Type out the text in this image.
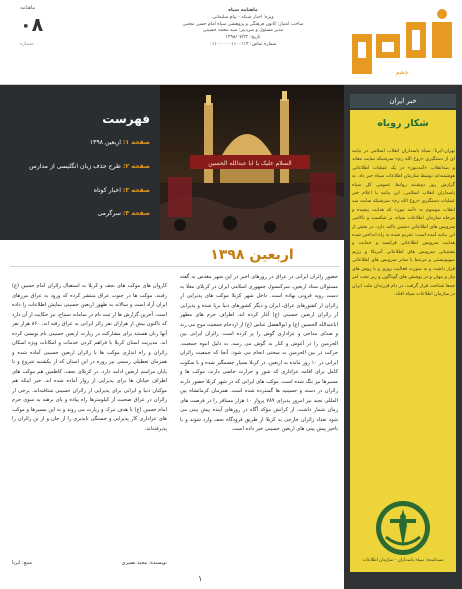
چشم
ماهنامه سپاه
ویژه: اخبار شبکه - پیام سلیمانی
صاحب امتیاز: کانون فرهنگی و پژوهشی سپاه امام حسن مجتبی
مدیر مسئول و سردبیر: سید محمد حسینی
تاریخ: ۱۳۹۸/۰۷/۲۲
شماره تماس: ۰۰۱۱۰۰۱۱۳ - ۰۱۱۰۰
ماهنامه
۰۸
شماره
خبر ایران
شکار رویاه
تهران-ایرنا: سپاه پاسداران انقلاب اسلامی در بیانیه ای از دستگیری «روح الله زم» سرشبکه سایت معاند و ضدانقلاب «آمدنیوز» در یک عملیات اطلاعاتی هوشمندانه توسط سازمان اطلاعات سپاه خبر داد. به گزارش روز دوشنبه روابط عمومی کل سپاه پاسداران انقلاب اسلامی، این بیانیه با اعلام خبر عملیات دستگیری «روح الله زم» سرشبکه سایت ضد انقلاب موسوم به «آمد نیوز» که هدایت پیچیده و مرحله سازمان اطلاعات سپاه، بر شکست و ناکامی سرویس های اطلاعاتی دشمن تاکید دارد. در بخش از این بیانیه آمده است: تحریم شده به راه انداختن شده هدایت سرویس اطلاعاتی فرانسه و حمایت و پشتیبانی سرویس های اطلاعاتی آمریکا و رژیم صهیونیستی و مرتبط با سایر سرویس های اطلاعاتی قرار داشت و به صورت فعالیت روزی و با روش های بیار و پنهان و در پوشش های گوناگون و زیر تحت امر جمعا شناخت قرار گرفت، در دام فرزندان ملت ایران در سازمان اطلاعات سپاه افتاد.
تمیه‌کننده: سپاه پاسداران - سازمان اطلاعات
السلام علیک یا ابا عبدالله الحسین
فهرست
صفحه ۱: اربعین ۱۳۹۸
صفحه ۲: طرح حذف زبان انگلیسی از مدارس
صفحه ۳: اخبار کوتاه
صفحه ۴: سرگرمی
اربعین ۱۳۹۸
حضور زائران ایرانی در عراق در روزهای اخیر در این شهر مقدس به گفته مسئولان ستاد اربعین، سرکنسول جمهوری اسلامی ایران در کربلای معلا به دست رویه فزونی نهاده است. داخل شهر کربلا موکب های پذیرایی از زائران از کشورهای عراق، ایران و دیگر کشورهای دنیا برپا شده و پذیرایی از زائران اربعین حسینی (ع) آغاز کرده اند. اطراف حرم های مطهر اباعبدالله الحسین (ع) و ابوالفضل عباس (ع) از ازدحام جمعیت موج می زند و صدای مداحی و عزاداری گوش را پر کرده است. زائران ایرانی بین الحرمین را در آغوش و کنار به گوش می رسد. به دلیل انبوه جمعیت، حرکت در بین الحرمین به سختی انجام می شود. آنجا که جمعیت زائران ایرانی در ۱۰ روز مانده به اربعین، در کربلا بسیار چشمگیر شده و با سکوت کامل برای اقامه عزاداری که شور و حرارت خاصی دارند، موکب ها و مسیرها نیز تنگ شده است. موکب های ایرانی که در شهر کربلا حضور دارند زائران در دسته و حسینیه ها گسترده شده است. همزمان کرمانشاه بین المللی تجید نیز امروز پذیرای ۷۸۹ پرواز ۱۰ هزار مسافر را در فرصت های زمان شمار داشت. از کرانش مؤکد آگاه در روزهای آینده پیش بینی می شود تعداد زائران خارجی به کربلا از طریق فرودگاه نجف وارد شوند و با تاخیر پیش بینی های اربعین حسینی خبر داده است.
کاروان های موکب های نجف و کربلا به استقبال زائران امام حسین (ع) رفتند. موکب ها در جنوب عراق منتشر کرده که ورود به عراق مرزهای ایران آزاد است و سالانه به ظهور اربعین حسینی نمایش اطلاعات را داده است. آخرین گزارش ها از ثبت نام در سامانه سماح، نیز حکایت از آن دارد که تاکنون بیش از هزاران نفر زائر ایرانی به عراق رفته اند. ۸۶۰ هزار نفر آنها زنان هستند برای مشارکت در زیارت اربعین حسینی نام نویسی کرده اند. مدیریت استان کربلا با فراهم کردن خدمات و امکانات ویژه اسکان زائران و راه اندازی موکب ها با زائران اربعین حسینی آماده شده و همزمان تعطیلی رسمی نیز روزه در این استان که از یکشنبه شروع و تا پایان مراسم اربعین ادامه دارد. در کربلای نجف، کاظمین هم موکب های اطراف خیابان ها برای پذیرایی از زوار آماده شده اند. خبر اینکه هم موکبان دنیا و ایرانی برای پذیرایی از زائران حسینی شتافته‌اند. برخی از زائران در عراق صحبت از کیلومترها راه پیاده و پای برهنه به سوی حرم امام حسین (ع) با هدف تبرک و زیارت می روند و به این مسیرها و موکب های عزاداری کار پذیرایی و خستگی ناپذیری را از جان و از تن زائران را پذیرفته‌اند.
نویسنده: مجید نصیری
منبع: ایرنا
۱
